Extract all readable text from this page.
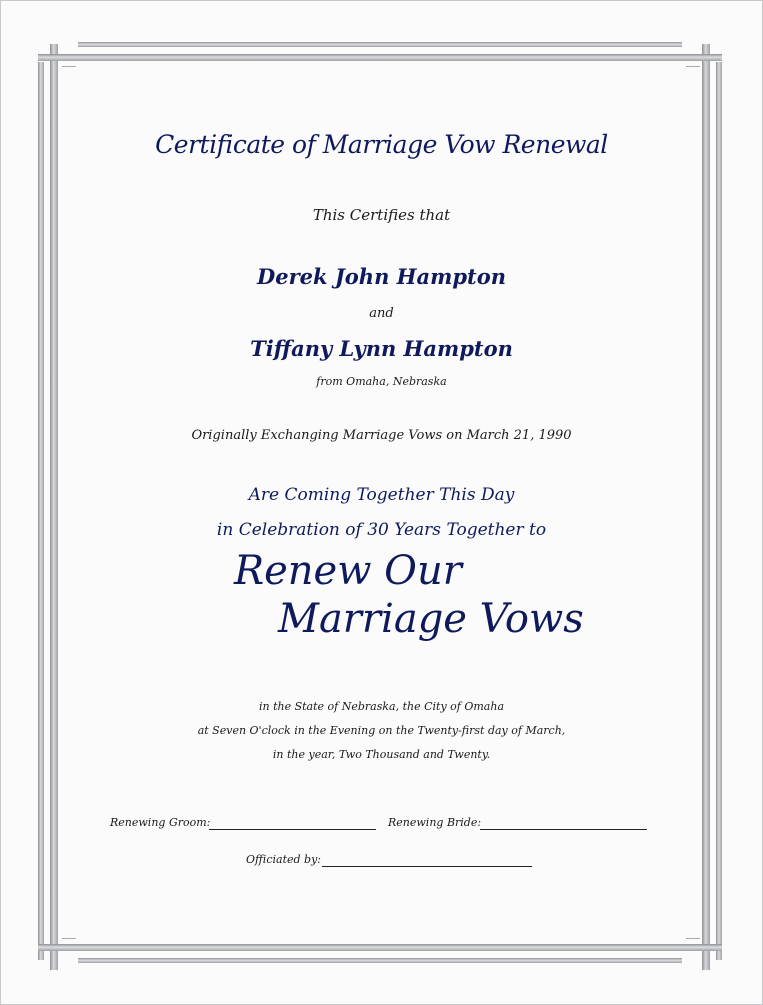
Certificate of Marriage Vow Renewal
This Certifies that
Derek John Hampton
and
Tiffany Lynn Hampton
from Omaha, Nebraska
Originally Exchanging Marriage Vows on March 21, 1990
Are Coming Together This Day
in Celebration of 30 Years Together to
Renew Our
Marriage Vows
in the State of Nebraska, the City of Omaha
at Seven O'clock in the Evening on the Twenty-first day of March,
in the year, Two Thousand and Twenty.
Renewing Groom:	Renewing Bride:
Officiated by:
